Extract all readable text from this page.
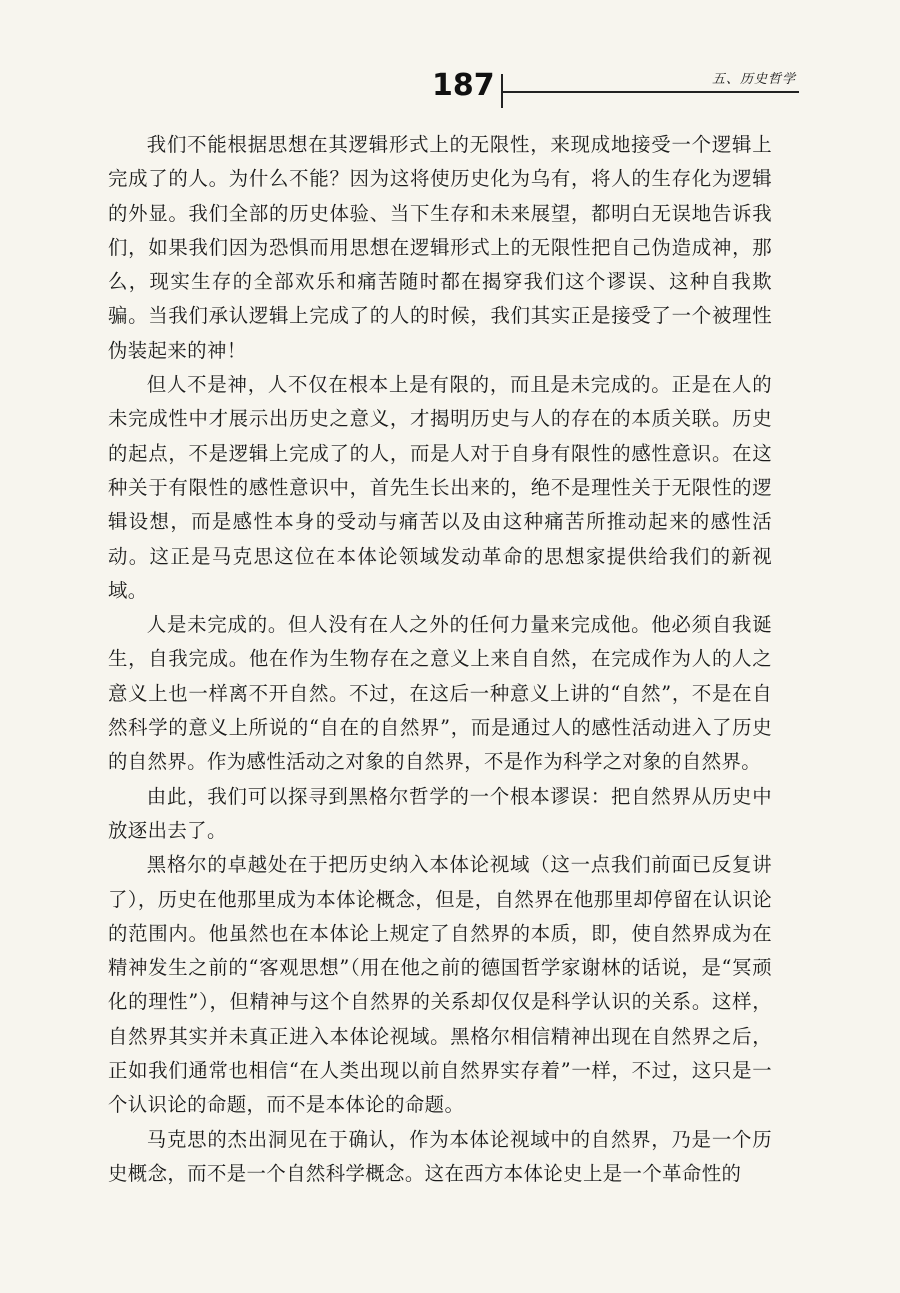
187	五、历史哲学

我们不能根据思想在其逻辑形式上的无限性，来现成地接受一个逻辑上完成了的人。为什么不能？因为这将使历史化为乌有，将人的生存化为逻辑的外显。我们全部的历史体验、当下生存和未来展望，都明白无误地告诉我们，如果我们因为恐惧而用思想在逻辑形式上的无限性把自己伪造成神，那么，现实生存的全部欢乐和痛苦随时都在揭穿我们这个谬误、这种自我欺骗。当我们承认逻辑上完成了的人的时候，我们其实正是接受了一个被理性伪装起来的神！

但人不是神，人不仅在根本上是有限的，而且是未完成的。正是在人的未完成性中才展示出历史之意义，才揭明历史与人的存在的本质关联。历史的起点，不是逻辑上完成了的人，而是人对于自身有限性的感性意识。在这种关于有限性的感性意识中，首先生长出来的，绝不是理性关于无限性的逻辑设想，而是感性本身的受动与痛苦以及由这种痛苦所推动起来的感性活动。这正是马克思这位在本体论领域发动革命的思想家提供给我们的新视域。

人是未完成的。但人没有在人之外的任何力量来完成他。他必须自我诞生，自我完成。他在作为生物存在之意义上来自自然，在完成作为人的人之意义上也一样离不开自然。不过，在这后一种意义上讲的“自然”，不是在自然科学的意义上所说的“自在的自然界”，而是通过人的感性活动进入了历史的自然界。作为感性活动之对象的自然界，不是作为科学之对象的自然界。

由此，我们可以探寻到黑格尔哲学的一个根本谬误：把自然界从历史中放逐出去了。

黑格尔的卓越处在于把历史纳入本体论视域（这一点我们前面已反复讲了），历史在他那里成为本体论概念，但是，自然界在他那里却停留在认识论的范围内。他虽然也在本体论上规定了自然界的本质，即，使自然界成为在精神发生之前的“客观思想”（用在他之前的德国哲学家谢林的话说，是“冥顽化的理性”），但精神与这个自然界的关系却仅仅是科学认识的关系。这样，自然界其实并未真正进入本体论视域。黑格尔相信精神出现在自然界之后，正如我们通常也相信“在人类出现以前自然界实存着”一样，不过，这只是一个认识论的命题，而不是本体论的命题。

马克思的杰出洞见在于确认，作为本体论视域中的自然界，乃是一个历史概念，而不是一个自然科学概念。这在西方本体论史上是一个革命性的
